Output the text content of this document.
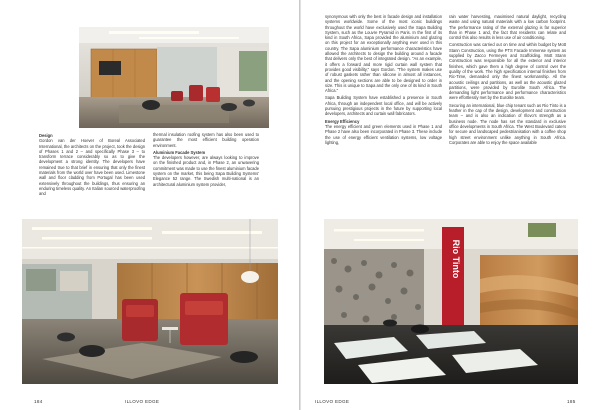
Design

Gordon van der Hoever of Boreal Associated International, the architects on the project, took the design of Phases 1 and 2 – and specifically Phase 3 – to transform terrace considerably so as to give the development a strong identity. The developers have remained true to that brief in ensuring that only the finest materials from the world over have been used. Limestone wall and floor cladding from Portugal has been used extensively throughout the buildings, thus ensuring an enduring timeless quality. An Italian sourced waterproofing and

thermal insulation roofing system has also been used to guarantee the most efficient building operation environment.

Aluminium Facade System

The developers however, are always looking to improve on the finished product and, in Phase 2, an unwavering commitment was made to use the finest aluminium facade system on the market, this being Sapa Building Systems' Elegance 52 range. The Swedish multi-national is an architectural aluminium system provider,

184	ILLOVO EDGE

synonymous with only the best in facade design and installation systems worldwide. Some of the most iconic buildings throughout the world have exclusively used the Sapa Building System, such as the Louvre Pyramid in Paris. In the first of its kind in South Africa, Sapa provided the aluminium and glazing on this project for an exceptionally anything ever used in this country. The Sapa aluminium performance characteristics have allowed the architects to design the building around a facade that delivers only the best of integrated design. "As an example, it offers a forward and more rigid curtain wall system that provides good visibility," says Gordon. "The system makes use of robust gaskets rather than silicone in almost all instances, and the opening sections are able to be designed to order in size. This is unique to Sapa and the only one of its kind in South Africa."

Sapa Building System have established a presence in South Africa, through an independent local office, and will be actively pursuing prestigious projects in the future by supporting local developers, architects and curtain wall fabricators.

Energy Efficiency

The energy efficient and green elements used in Phase 1 and Phase 2 have also been incorporated in Phase 3. These include the use of energy efficient ventilation systems, low voltage lighting,

rain water harvesting, maximised natural daylight, recycling waste and using natural materials with a low carbon footprint. The performance rating of the external glazing is far superior than in Phase 1 and, the fact that residents can relate and control this also results in less use of air conditioning.

Construction was carried out on time and within budget by Mott Stann Construction, using the PTS Facade Immense system as supplied by Zacco Fermeyen and Scaffolding. Mott Stann Construction was responsible for all the exterior and interior finishes, which gave them a high degree of control over the quality of the work. The high specification internal finishes from Ric-Time, demanded only the finest workmanship. All the acoustic ceilings and partitions, as well as the acoustic glazed partitions, were provided by Eurolite South Africa. The demanding light performance and performance characteristics were effortlessly met by the Eurolite team.

Securing an international, blue chip tenant such as Rio Tinto is a feather in the cap of the design, development and construction team – and is also an indication of Illovo's strength as a business node. The node has set the standard in exclusive office developments in South Africa. The West Boulevard caters for secure and landscaped pedestrianisation with a coffee shop high street environment unlike anything in South Africa. Corporates are able to enjoy the space available

Rio Tinto
ILLOVO EDGE	185
